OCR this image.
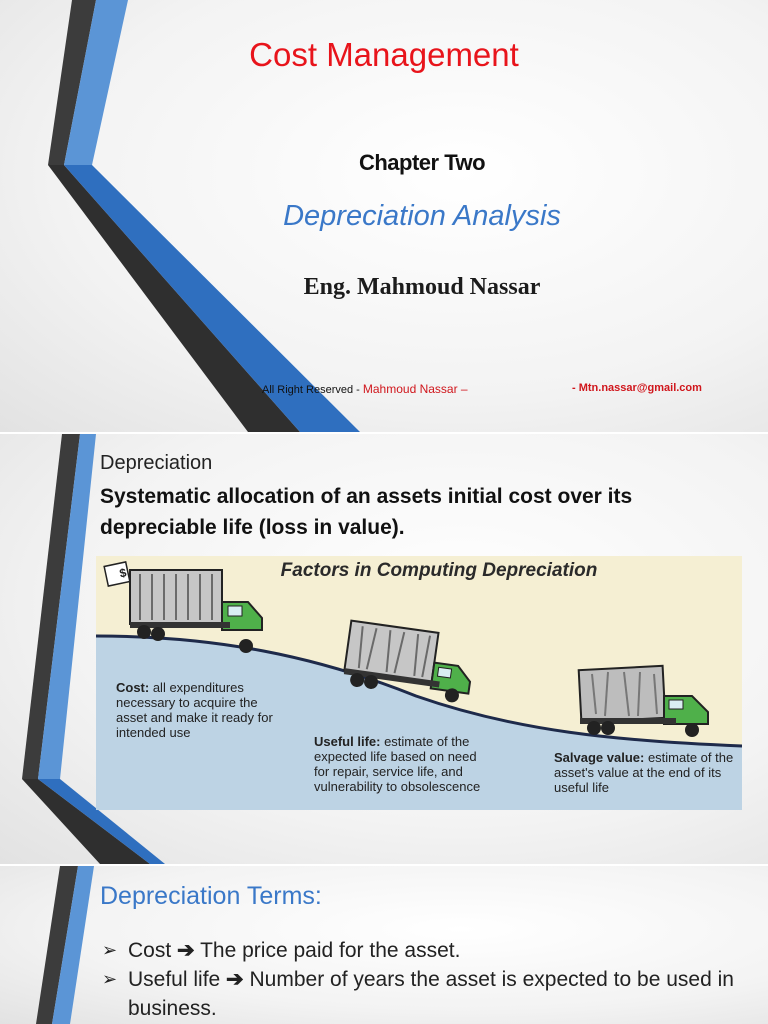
Cost Management
Chapter Two
Depreciation Analysis
Eng. Mahmoud Nassar
All Right Reserved - Mahmoud Nassar –	- Mtn.nassar@gmail.com
Depreciation
Systematic allocation of an assets initial cost over its depreciable life (loss in value).
$	Factors in Computing Depreciation
Cost: all expenditures necessary to acquire the asset and make it ready for intended use
Useful life: estimate of the expected life based on need for repair, service life, and vulnerability to obsolescence
Salvage value: estimate of the asset's value at the end of its useful life
Depreciation Terms:
➢ Cost ➔ The price paid for the asset.
➢ Useful life ➔ Number of years the asset is expected to be used in business.
